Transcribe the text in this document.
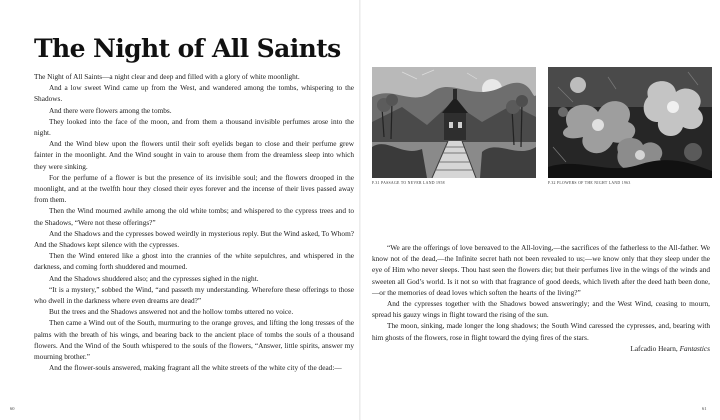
The Night of All Saints

The Night of All Saints—a night clear and deep and filled with a glory of white moonlight.

And a low sweet Wind came up from the West, and wandered among the tombs, whispering to the Shadows.

And there were flowers among the tombs.

They looked into the face of the moon, and from them a thousand invisible perfumes arose into the night.

And the Wind blew upon the flowers until their soft eyelids began to close and their perfume grew fainter in the moonlight. And the Wind sought in vain to arouse them from the dreamless sleep into which they were sinking.

For the perfume of a flower is but the presence of its invisible soul; and the flowers drooped in the moonlight, and at the twelfth hour they closed their eyes forever and the incense of their lives passed away from them.

Then the Wind mourned awhile among the old white tombs; and whispered to the cypress trees and to the Shadows, “Were not these offerings?”

And the Shadows and the cypresses bowed weirdly in mysterious reply. But the Wind asked, To Whom? And the Shadows kept silence with the cypresses.

Then the Wind entered like a ghost into the crannies of the white sepulchres, and whispered in the darkness, and coming forth shuddered and mourned.

And the Shadows shuddered also; and the cypresses sighed in the night.

“It is a mystery,” sobbed the Wind, “and passeth my understanding. Wherefore these offerings to those who dwell in the darkness where even dreams are dead?”

But the trees and the Shadows answered not and the hollow tombs uttered no voice.

Then came a Wind out of the South, murmuring to the orange groves, and lifting the long tresses of the palms with the breath of his wings, and bearing back to the ancient place of tombs the souls of a thousand flowers. And the Wind of the South whispered to the souls of the flowers, “Answer, little spirits, answer my mourning brother.”

And the flower-souls answered, making fragrant all the white streets of the white city of the dead:—

F.31 PASSAGE TO NEVER LAND 1958	F.32 FLOWERS OF THE NIGHT LAND 1963

“We are the offerings of love bereaved to the All-loving,—the sacrifices of the fatherless to the All-father. We know not of the dead,—the Infinite secret hath not been revealed to us;—we know only that they sleep under the eye of Him who never sleeps. Thou hast seen the flowers die; but their perfumes live in the wings of the winds and sweeten all God’s world. Is it not so with that fragrance of good deeds, which liveth after the deed hath been done,—or the memories of dead loves which soften the hearts of the living?”

And the cypresses together with the Shadows bowed answeringly; and the West Wind, ceasing to mourn, spread his gauzy wings in flight toward the rising of the sun.

The moon, sinking, made longer the long shadows; the South Wind caressed the cypresses, and, bearing with him ghosts of the flowers, rose in flight toward the dying fires of the stars.

Lafcadio Hearn, Fantastics

60	61
